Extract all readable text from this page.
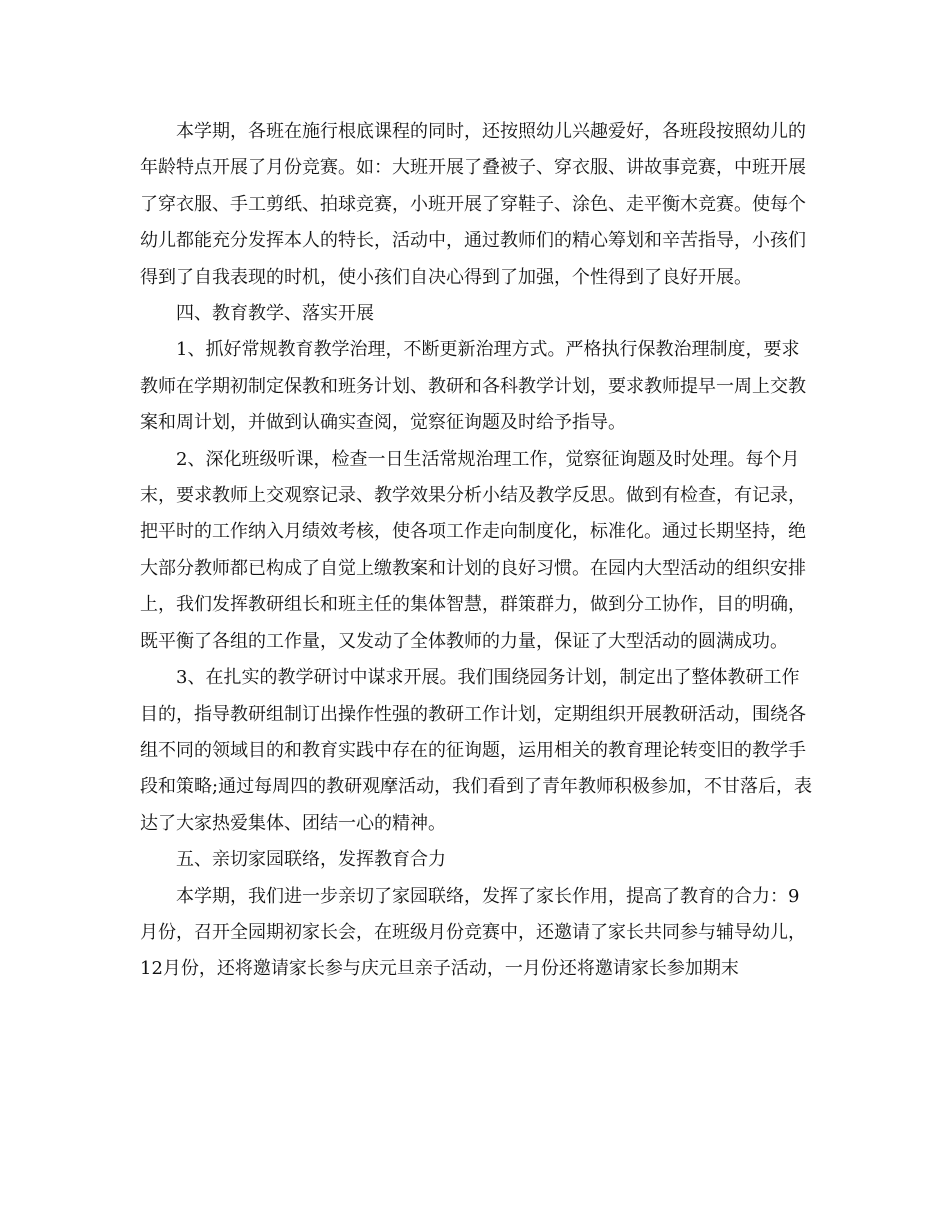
本学期，各班在施行根底课程的同时，还按照幼儿兴趣爱好，各班段按照幼儿的年龄特点开展了月份竞赛。如：大班开展了叠被子、穿衣服、讲故事竞赛，中班开展了穿衣服、手工剪纸、拍球竞赛，小班开展了穿鞋子、涂色、走平衡木竞赛。使每个幼儿都能充分发挥本人的特长，活动中，通过教师们的精心筹划和辛苦指导，小孩们得到了自我表现的时机，使小孩们自决心得到了加强，个性得到了良好开展。

四、教育教学、落实开展

1、抓好常规教育教学治理，不断更新治理方式。严格执行保教治理制度，要求教师在学期初制定保教和班务计划、教研和各科教学计划，要求教师提早一周上交教案和周计划，并做到认确实查阅，觉察征询题及时给予指导。

2、深化班级听课，检查一日生活常规治理工作，觉察征询题及时处理。每个月末，要求教师上交观察记录、教学效果分析小结及教学反思。做到有检查，有记录，把平时的工作纳入月绩效考核，使各项工作走向制度化，标准化。通过长期坚持，绝大部分教师都已构成了自觉上缴教案和计划的良好习惯。在园内大型活动的组织安排上，我们发挥教研组长和班主任的集体智慧，群策群力，做到分工协作，目的明确，既平衡了各组的工作量，又发动了全体教师的力量，保证了大型活动的圆满成功。

3、在扎实的教学研讨中谋求开展。我们围绕园务计划，制定出了整体教研工作目的，指导教研组制订出操作性强的教研工作计划，定期组织开展教研活动，围绕各组不同的领域目的和教育实践中存在的征询题，运用相关的教育理论转变旧的教学手段和策略;通过每周四的教研观摩活动，我们看到了青年教师积极参加，不甘落后，表达了大家热爱集体、团结一心的精神。

五、亲切家园联络，发挥教育合力

本学期，我们进一步亲切了家园联络，发挥了家长作用，提高了教育的合力：9月份，召开全园期初家长会，在班级月份竞赛中，还邀请了家长共同参与辅导幼儿，12月份，还将邀请家长参与庆元旦亲子活动，一月份还将邀请家长参加期末
